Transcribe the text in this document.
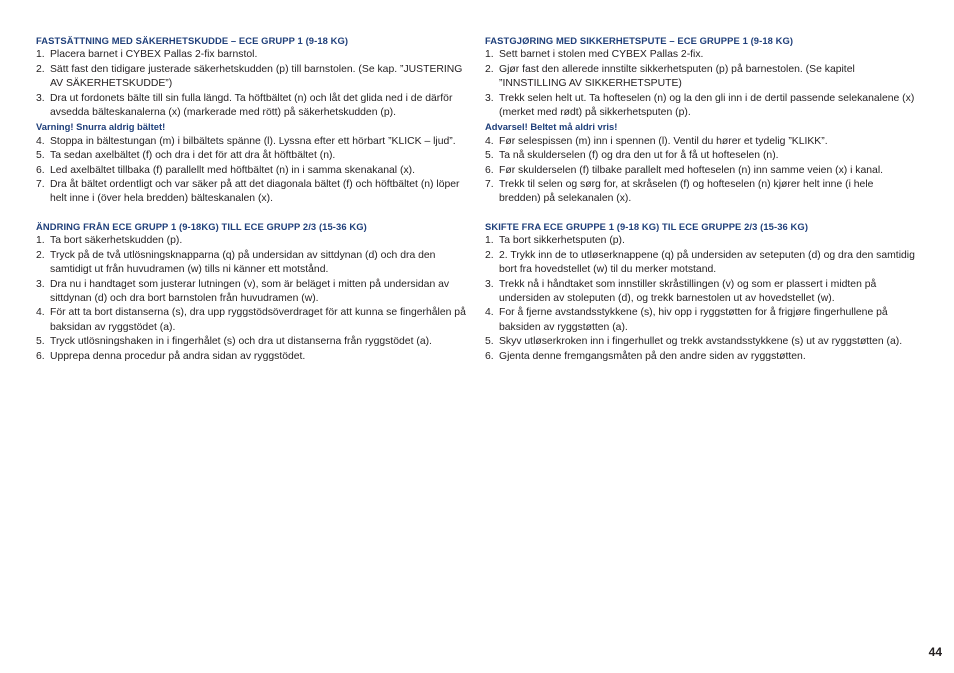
FASTSÄTTNING MED SÄKERHETSKUDDE – ECE GRUPP 1 (9-18 KG)
1. Placera barnet i CYBEX Pallas 2-fix barnstol.
2. Sätt fast den tidigare justerade säkerhetskudden (p) till barnstolen. (Se kap. ”JUSTERING AV SÄKERHETSKUDDE”)
3. Dra ut fordonets bälte till sin fulla längd. Ta höftbältet (n) och låt det glida ned i de därför avsedda bälteskanalerna (x) (markerade med rött) på säkerhetskudden (p).
Varning! Snurra aldrig bältet!
4. Stoppa in bältestungan (m) i bilbältets spänne (l). Lyssna efter ett hörbart ”KLICK – ljud”.
5. Ta sedan axelbältet (f) och dra i det för att dra åt höftbältet (n).
6. Led axelbältet tillbaka (f) parallellt med höftbältet (n) in i samma skenakanal (x).
7. Dra åt bältet ordentligt och var säker på att det diagonala bältet (f) och höftbältet (n) löper helt inne i (över hela bredden) bälteskanalen (x).
ÄNDRING FRÅN ECE GRUPP 1 (9-18KG) TILL ECE GRUPP 2/3 (15-36 KG)
1. Ta bort säkerhetskudden (p).
2. Tryck på de två utlösningsknapparna (q) på undersidan av sittdynan (d) och dra den samtidigt ut från huvudramen (w) tills ni känner ett motstånd.
3. Dra nu i handtaget som justerar lutningen (v), som är beläget i mitten på undersidan av sittdynan (d) och dra bort barnstolen från huvudramen (w).
4. För att ta bort distanserna (s), dra upp ryggstödsöverdraget för att kunna se fingerhålen på baksidan av ryggstödet (a).
5. Tryck utlösningshaken in i fingerhålet (s) och dra ut distanserna från ryggstödet (a).
6. Upprepa denna procedur på andra sidan av ryggstödet.
FASTGJØRING MED SIKKERHETSPUTE – ECE GRUPPE 1 (9-18 KG)
1. Sett barnet i stolen med CYBEX Pallas 2-fix.
2. Gjør fast den allerede innstilte sikkerhetsputen (p) på barnestolen. (Se kapitel ”INNSTILLING AV SIKKERHETSPUTE)
3. Trekk selen helt ut. Ta hofteselen (n) og la den gli inn i de dertil passende selekanalene (x) (merket med rødt) på sikkerhetsputen (p).
Advarsel! Beltet må aldri vris!
4. Før selespissen (m) inn i spennen (l). Ventil du hører et tydelig ”KLIKK”.
5. Ta nå skulderselen (f) og dra den ut for å få ut hofteselen (n).
6. Før skulderselen (f) tilbake parallelt med hofteselen (n) inn samme veien (x) i kanal.
7. Trekk til selen og sørg for, at skråselen (f) og hofteselen (n) kjører helt inne (i hele bredden) på selekanalen (x).
SKIFTE FRA ECE GRUPPE 1 (9-18 KG) TIL ECE GRUPPE 2/3 (15-36 KG)
1. Ta bort sikkerhetsputen (p).
2. 2. Trykk inn de to utløserknappene (q) på undersiden av seteputen (d) og dra den samtidig bort fra hovedstellet (w) til du merker motstand.
3. Trekk nå i håndtaket som innstiller skråstillingen (v) og som er plassert i midten på undersiden av stoleputen (d), og trekk barnestolen ut av hovedstellet (w).
4. For å fjerne avstandsstykkene (s), hiv opp i ryggstøtten for å frigjøre fingerhullene på baksiden av ryggstøtten (a).
5. Skyv utløserkroken inn i fingerhullet og trekk avstandsstykkene (s) ut av ryggstøtten (a).
6. Gjenta denne fremgangsmåten på den andre siden av ryggstøtten.
44
